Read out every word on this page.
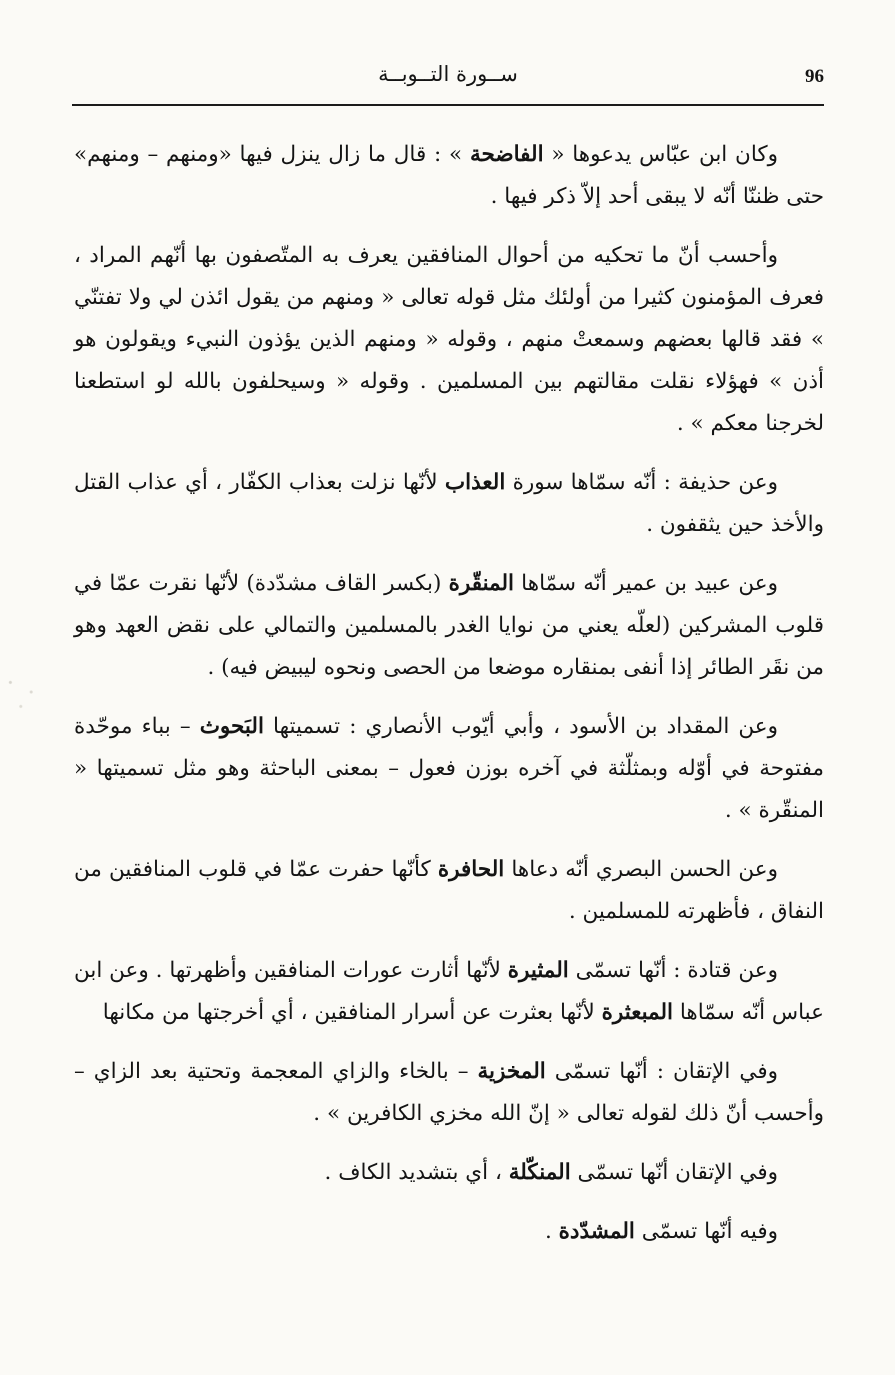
96
ســورة التــوبــة

وكان ابن عبّاس يدعوها « الفاضحة » : قال ما زال ينزل فيها «ومنهم – ومنهم» حتى ظننّا أنّه لا يبقى أحد إلاّ ذكر فيها .

وأحسب أنّ ما تحكيه من أحوال المنافقين يعرف به المتّصفون بها أنّهم المراد ، فعرف المؤمنون كثيرا من أولئك مثل قوله تعالى « ومنهم من يقول ائذن لي ولا تفتنّي » فقد قالها بعضهم وسمعتْ منهم ، وقوله « ومنهم الذين يؤذون النبيء ويقولون هو أذن » فهؤلاء نقلت مقالتهم بين المسلمين . وقوله « وسيحلفون بالله لو استطعنا لخرجنا معكم » .

وعن حذيفة : أنّه سمّاها سورة العذاب لأنّها نزلت بعذاب الكفّار ، أي عذاب القتل والأخذ حين يثقفون .

وعن عبيد بن عمير أنّه سمّاها المنقّرة (بكسر القاف مشدّدة) لأنّها نقرت عمّا في قلوب المشركين (لعلّه يعني من نوايا الغدر بالمسلمين والتمالي على نقض العهد وهو من نقَر الطائر إذا أنفى بمنقاره موضعا من الحصى ونحوه ليبيض فيه) .

وعن المقداد بن الأسود ، وأبي أيّوب الأنصاري : تسميتها البَحوث – بباء موحّدة مفتوحة في أوّله وبمثلّثة في آخره بوزن فعول – بمعنى الباحثة وهو مثل تسميتها « المنقّرة » .

وعن الحسن البصري أنّه دعاها الحافرة كأنّها حفرت عمّا في قلوب المنافقين من النفاق ، فأظهرته للمسلمين .

وعن قتادة : أنّها تسمّى المثيرة لأنّها أثارت عورات المنافقين وأظهرتها . وعن ابن عباس أنّه سمّاها المبعثرة لأنّها بعثرت عن أسرار المنافقين ، أي أخرجتها من مكانها

وفي الإتقان : أنّها تسمّى المخزية – بالخاء والزاي المعجمة وتحتية بعد الزاي – وأحسب أنّ ذلك لقوله تعالى « إنّ الله مخزي الكافرين » .

وفي الإتقان أنّها تسمّى المنكّلة ، أي بتشديد الكاف .

وفيه أنّها تسمّى المشدّدة .
